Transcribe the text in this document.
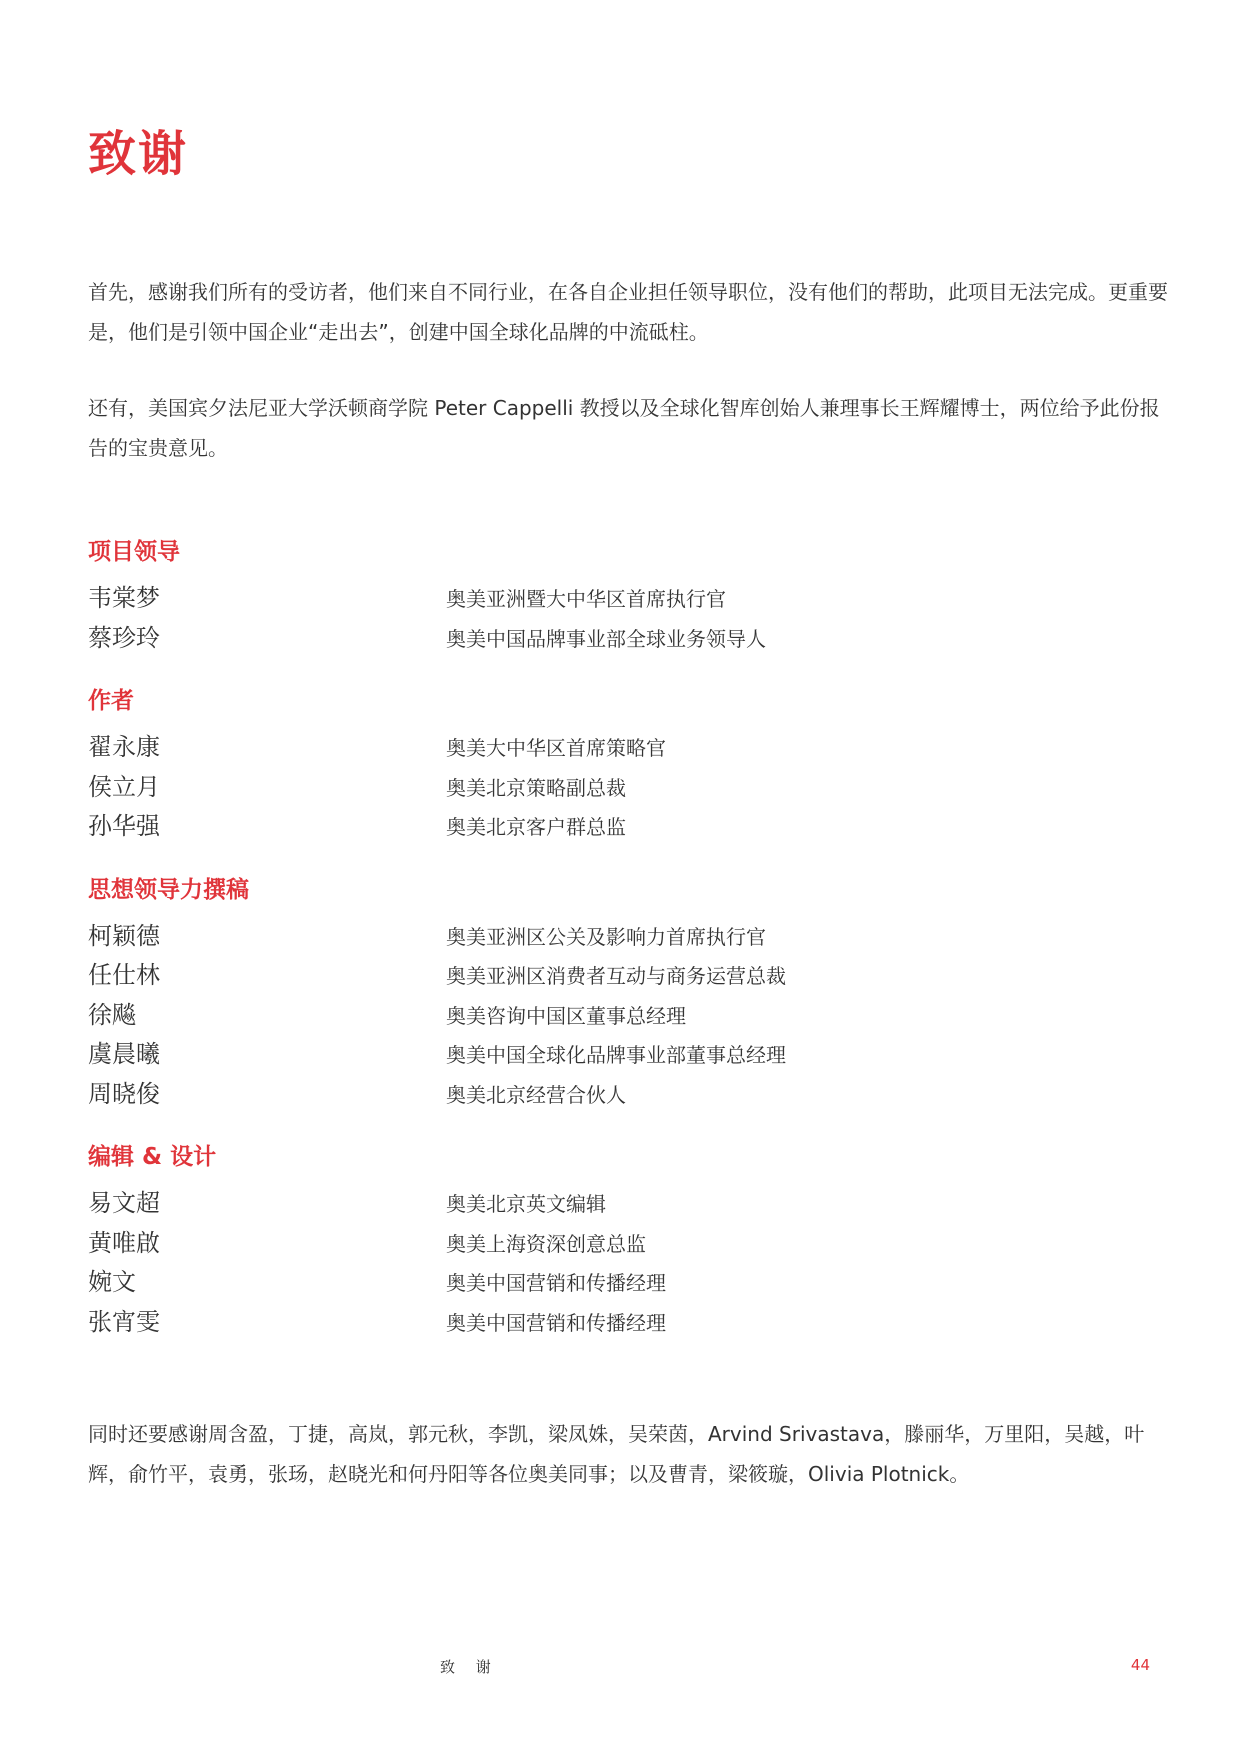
致谢

首先，感谢我们所有的受访者，他们来自不同行业，在各自企业担任领导职位，没有他们的帮助，此项目无法完成。更重要是，他们是引领中国企业“走出去”，创建中国全球化品牌的中流砥柱。

还有，美国宾夕法尼亚大学沃顿商学院 Peter Cappelli 教授以及全球化智库创始人兼理事长王辉耀博士，两位给予此份报告的宝贵意见。

项目领导
韦棠梦	奥美亚洲暨大中华区首席执行官
蔡珍玲	奥美中国品牌事业部全球业务领导人
作者
翟永康	奥美大中华区首席策略官
侯立月	奥美北京策略副总裁
孙华强	奥美北京客户群总监
思想领导力撰稿
柯颖德	奥美亚洲区公关及影响力首席执行官
任仕林	奥美亚洲区消费者互动与商务运营总裁
徐飚	奥美咨询中国区董事总经理
虞晨曦	奥美中国全球化品牌事业部董事总经理
周晓俊	奥美北京经营合伙人
编辑 & 设计
易文超	奥美北京英文编辑
黄唯啟	奥美上海资深创意总监
婉文	奥美中国营销和传播经理
张宵雯	奥美中国营销和传播经理

同时还要感谢周含盈，丁捷，高岚，郭元秋，李凯，梁凤姝，吴荣茵，Arvind Srivastava，滕丽华，万里阳，吴越，叶辉，俞竹平，袁勇，张玚，赵晓光和何丹阳等各位奥美同事；以及曹青，梁筱璇，Olivia Plotnick。

致 谢	44
